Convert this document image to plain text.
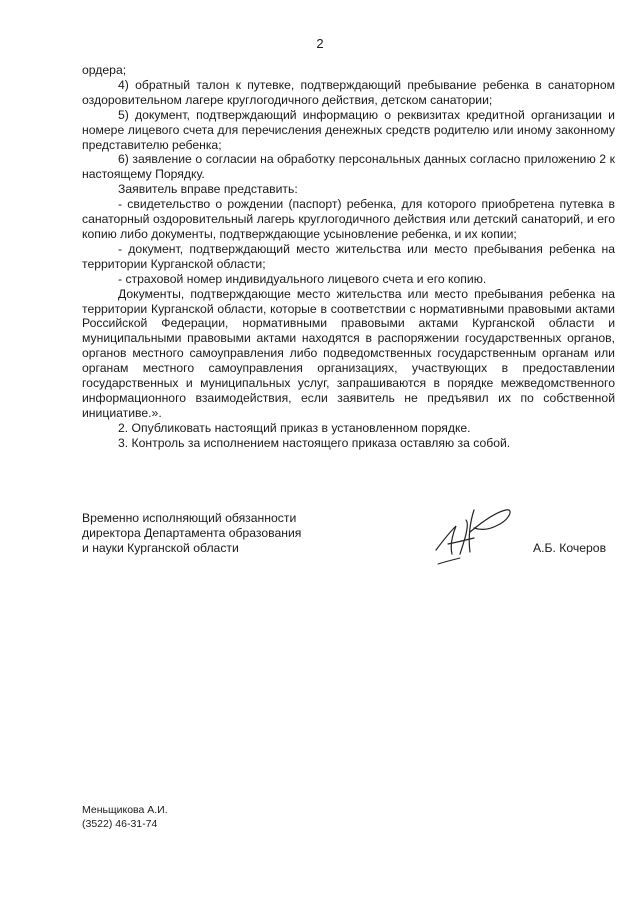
2

ордера;

4) обратный талон к путевке, подтверждающий пребывание ребенка в санаторном оздоровительном лагере круглогодичного действия, детском санатории;

5) документ, подтверждающий информацию о реквизитах кредитной организации и номере лицевого счета для перечисления денежных средств родителю или иному законному представителю ребенка;

6) заявление о согласии на обработку персональных данных согласно приложению 2 к настоящему Порядку.

Заявитель вправе представить:

- свидетельство о рождении (паспорт) ребенка, для которого приобретена путевка в санаторный оздоровительный лагерь круглогодичного действия или детский санаторий, и его копию либо документы, подтверждающие усыновление ребенка, и их копии;

- документ, подтверждающий место жительства или место пребывания ребенка на территории Курганской области;

- страховой номер индивидуального лицевого счета и его копию.

Документы, подтверждающие место жительства или место пребывания ребенка на территории Курганской области, которые в соответствии с нормативными правовыми актами Российской Федерации, нормативными правовыми актами Курганской области и муниципальными правовыми актами находятся в распоряжении государственных органов, органов местного самоуправления либо подведомственных государственным органам или органам местного самоуправления организациях, участвующих в предоставлении государственных и муниципальных услуг, запрашиваются в порядке межведомственного информационного взаимодействия, если заявитель не предъявил их по собственной инициативе.».

2. Опубликовать настоящий приказ в установленном порядке.

3. Контроль за исполнением настоящего приказа оставляю за собой.

Временно исполняющий обязанности
директора Департамента образования
и науки Курганской области	А.Б. Кочеров
Меньщикова А.И.
(3522) 46-31-74
